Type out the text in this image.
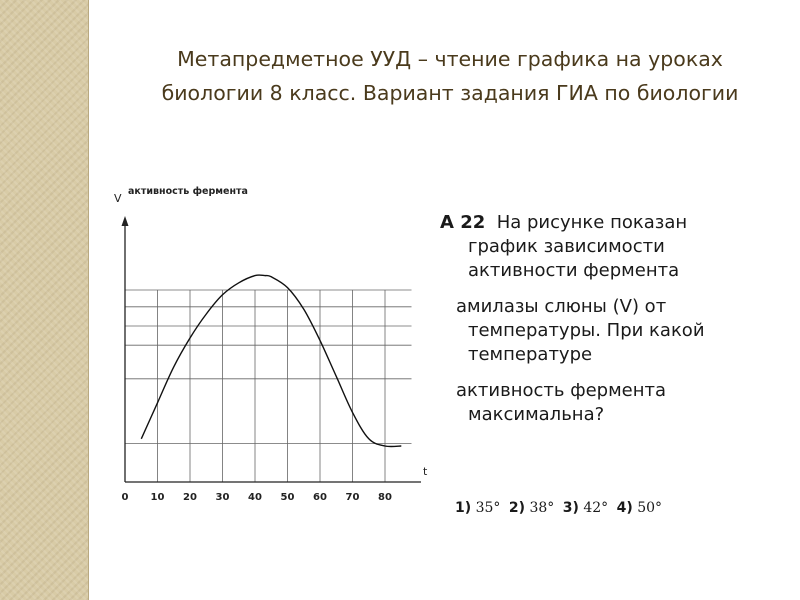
Метапредметное УУД – чтение графика на уроках
биологии 8 класс. Вариант задания ГИА по биологии
V
активность фермента
t
0 10 20 30 40 50 60 70 80
А 22 На рисунке показан
график зависимости
активности фермента
амилазы слюны (V) от
температуры. При какой
температуре
активность фермента
максимальна?
1) 35° 2) 38° 3) 42° 4) 50°
